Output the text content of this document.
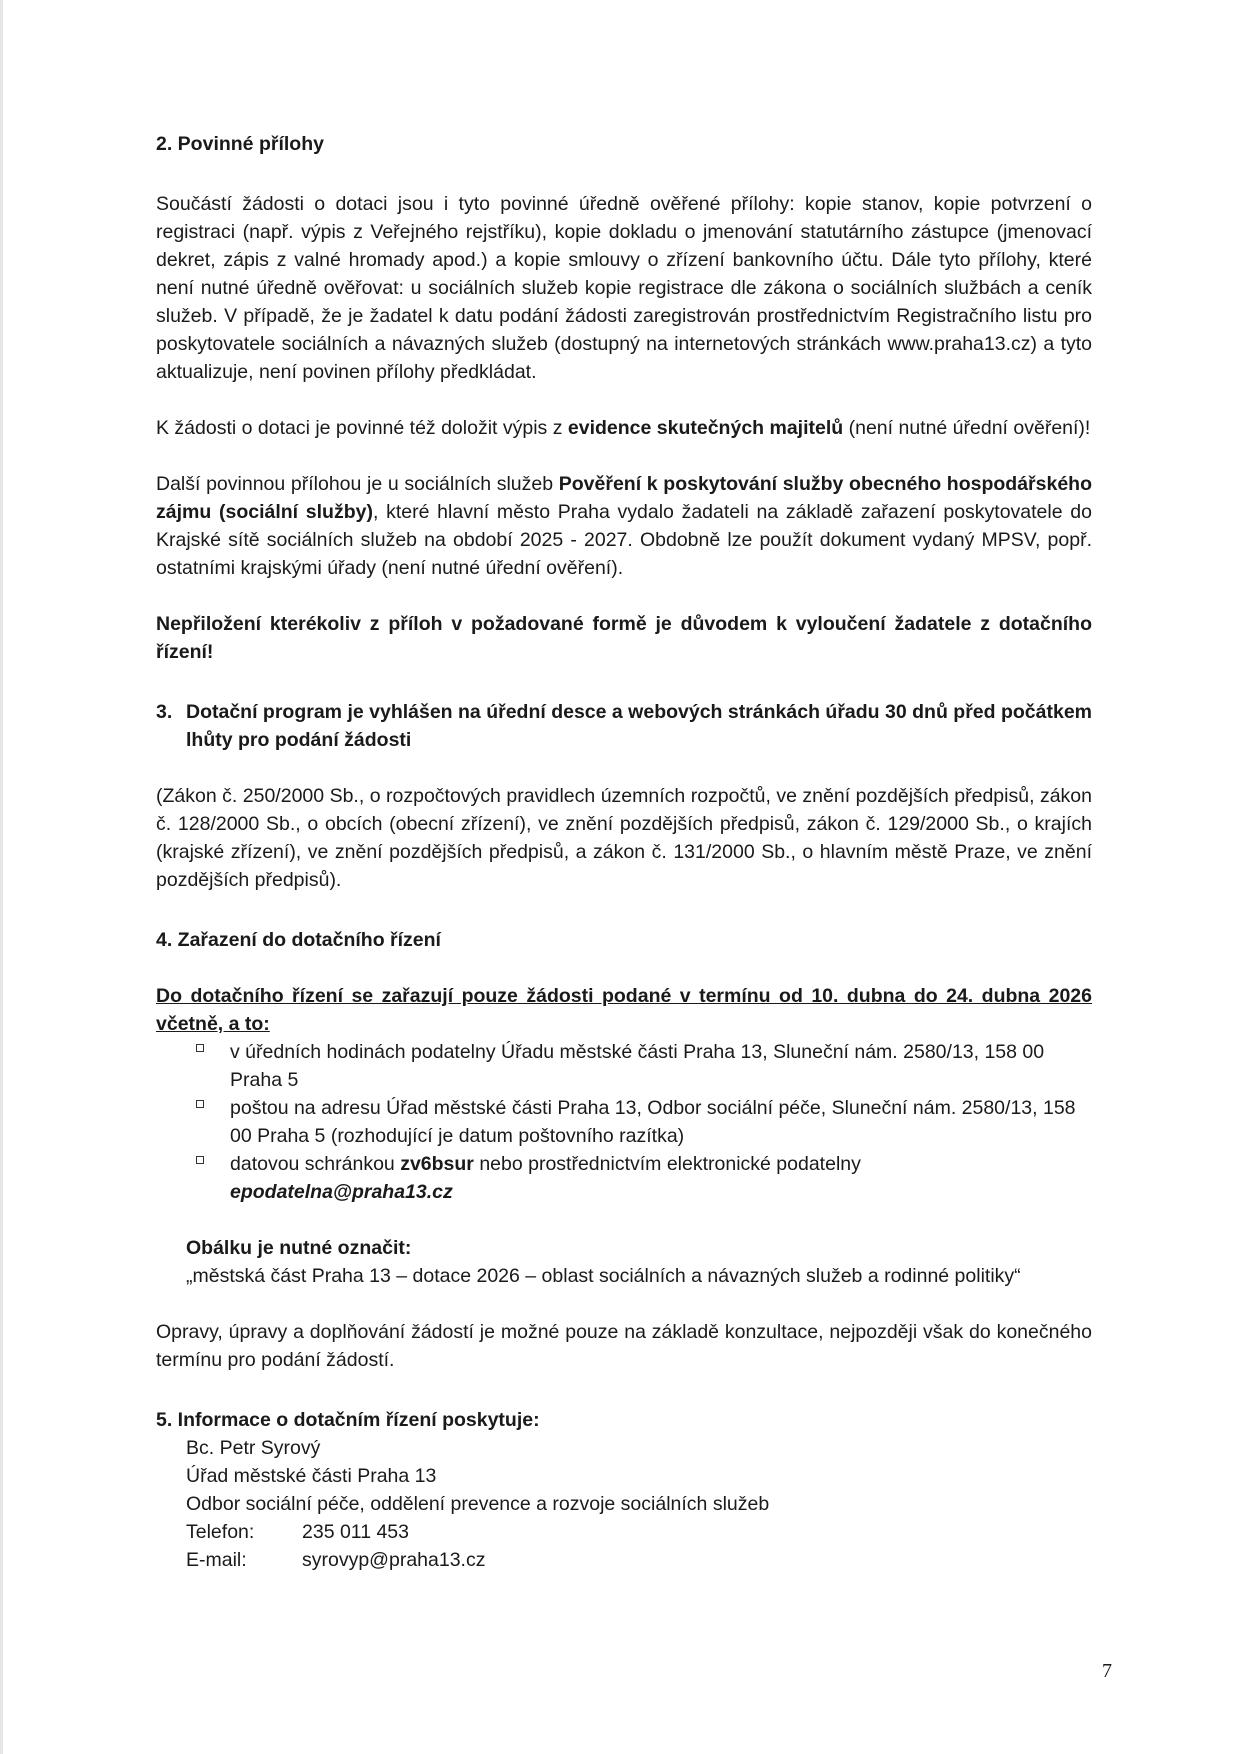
2. Povinné přílohy

Součástí žádosti o dotaci jsou i tyto povinné úředně ověřené přílohy: kopie stanov, kopie potvrzení o registraci (např. výpis z Veřejného rejstříku), kopie dokladu o jmenování statutárního zástupce (jmenovací dekret, zápis z valné hromady apod.) a kopie smlouvy o zřízení bankovního účtu. Dále tyto přílohy, které není nutné úředně ověřovat: u sociálních služeb kopie registrace dle zákona o sociálních službách a ceník služeb. V případě, že je žadatel k datu podání žádosti zaregistrován prostřednictvím Registračního listu pro poskytovatele sociálních a návazných služeb (dostupný na internetových stránkách www.praha13.cz) a tyto aktualizuje, není povinen přílohy předkládat.

K žádosti o dotaci je povinné též doložit výpis z evidence skutečných majitelů (není nutné úřední ověření)!

Další povinnou přílohou je u sociálních služeb Pověření k poskytování služby obecného hospodářského zájmu (sociální služby), které hlavní město Praha vydalo žadateli na základě zařazení poskytovatele do Krajské sítě sociálních služeb na období 2025 - 2027. Obdobně lze použít dokument vydaný MPSV, popř. ostatními krajskými úřady (není nutné úřední ověření).

Nepřiložení kterékoliv z příloh v požadované formě je důvodem k vyloučení žadatele z dotačního řízení!

3. Dotační program je vyhlášen na úřední desce a webových stránkách úřadu 30 dnů před počátkem lhůty pro podání žádosti

(Zákon č. 250/2000 Sb., o rozpočtových pravidlech územních rozpočtů, ve znění pozdějších předpisů, zákon č. 128/2000 Sb., o obcích (obecní zřízení), ve znění pozdějších předpisů, zákon č. 129/2000 Sb., o krajích (krajské zřízení), ve znění pozdějších předpisů, a zákon č. 131/2000 Sb., o hlavním městě Praze, ve znění pozdějších předpisů).

4. Zařazení do dotačního řízení

Do dotačního řízení se zařazují pouze žádosti podané v termínu od 10. dubna do 24. dubna 2026 včetně, a to:

v úředních hodinách podatelny Úřadu městské části Praha 13, Sluneční nám. 2580/13, 158 00 Praha 5
poštou na adresu Úřad městské části Praha 13, Odbor sociální péče, Sluneční nám. 2580/13, 158 00 Praha 5 (rozhodující je datum poštovního razítka)
datovou schránkou zv6bsur nebo prostřednictvím elektronické podatelny
epodatelna@praha13.cz
Obálku je nutné označit:
„městská část Praha 13 – dotace 2026 – oblast sociálních a návazných služeb a rodinné politiky“

Opravy, úpravy a doplňování žádostí je možné pouze na základě konzultace, nejpozději však do konečného termínu pro podání žádostí.

5. Informace o dotačním řízení poskytuje:
Bc. Petr Syrový
Úřad městské části Praha 13
Odbor sociální péče, oddělení prevence a rozvoje sociálních služeb
Telefon:	235 011 453
E-mail:	syrovyp@praha13.cz
7
